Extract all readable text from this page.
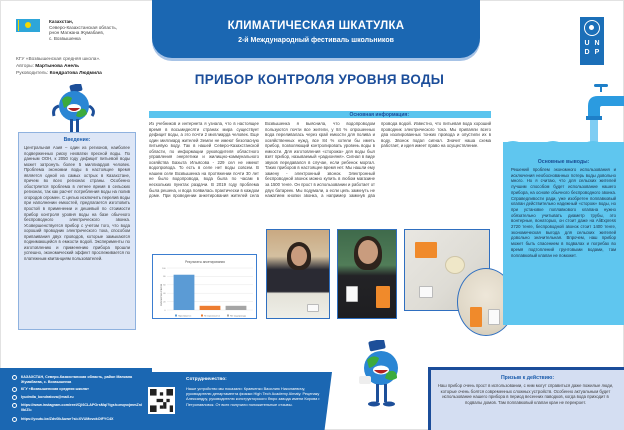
Казахстан,
Северо-Казахстанская область,
рнон Магжана Жумабаев,
с. Возвышенка
КГУ «Возвышенская средняя школа».
Авторы: Мартынова Анель
Руководитель: Кондратова Людмила
КЛИМАТИЧЕСКАЯ ШКАТУЛКА
2-й Международный фестиваль школьников
ПРИБОР КОНТРОЛЯ УРОВНЯ ВОДЫ
U N
D P
Введение:
Центральная Азия – один из регионов, наиболее подверженных риску нехватки пресной воды. По данным ООН, к 2050 году дефицит питьевой воды может затронуть более 5 миллиардов человек. Проблема экономии воды в настоящее время является одной из самых острых в Казахстане, причем во всех регионах страны. Особенно обостряется проблема в летнее время в сельских регионах, так как расчет потребления воды на полив огородов огромен. С целью исключить перелив воды при наполнении емкостей, предлагается изготовить простой в применении и дешевый по стоимости прибор контроля уровня воды на базе обычного беспроводного электрического звонка. Усовершенствуется прибор с учетом того, что вода хороший проводник электрического тока, способом припаивания двух проводов, которые замыкаются поднимающейся в емкости водой. Эксперименты по изготовлению и применению прибора прошли успешно, экономический эффект прослеживается по платежным квитанциям пользователей.
Основная информация:
Из учебников и интернета я узнала, что в настоящее время в восьмидесяти странах мира существует дефицит воды, а это почти 2 миллиарда человек. Еще один миллиард жителей Земли не имеют безопасную питьевую воду. Так в нашей Северо-Казахстанской области, по информации руководителя областного управления энергетики и жилищно-коммунального хозяйства Бахыта Ильясова - 229 сел не имеют водопровода. То есть в селе нет воды совсем. В нашем селе Возвышенка на протяжении почти 30 лет не было водопровода, вода была по часам в нескольких пунктах раздачи. В 2019 году проблема была решена, и вода появилась практически в каждом доме. При проведении анкетирования жителей села Возвышенка я выяснила, что водопроводом пользуются почти все жители, у 84 % опрошенных вода переливалась через край емкости для полива и хозяйственных нужд, все 84 % хотели бы иметь прибор, позволяющий контролировать уровень воды в емкости. Для изготовления «сторожа» для воды был взят прибор, называемый «радионяня». Сигнал в виде звуков передавался в случае, если ребенок моргал. Таких приборов в настоящее время нет. Мы нашли ему замену - электронный звонок. Электронный беспроводной звонок можно купить в любом магазине за 1500 тенге. Он прост в использовании и работает от двух батареек. Мы подумали, а если цепь замкнуть не нажатием кнопки звонка, а например замкнув два провода водой. Известно, что питьевая вода хороший проводник электрического тока. Мы припаяли всего два изолированных тонких провода и опустили их в воду. Звонок подал сигнал. Значит наша схема работает, и идея имеет право на осуществление.
Результаты анкетирования
Количество ответов
0
20
40
60
80
100
Переливается	Не переливается	Нет водопровода
Основные выводы:
Решений проблем экономного использования и исключения необоснованных потерь воды довольно много. Но я считаю, что для сельских жителей лучшим способом будет использование нашего прибора, на основе обычного беспроводного звонка. Справедливости ради, уже изобретен поплавковый клапан действительно надежный «сторож» воды, но при установке поплавкового клапана нужно обязательно учитывать диаметр трубы, это вонтерные, вонаторых, он стоит даже на AliExpress 2720 тенге, беспроводной звонок стоит 1400 тенге, экономическая выгода для сельских жителей довольно значительная. Впрочем, наш прибор может быть спасением в подвалах и погребах во время подтоплений грунтовыми водами, там поплавковый клапан не поможет.
КАЗАХСТАН, Северо-Казахстанская область, район Магжана Жумабаева, с. Возвышенка
КГУ «Возвышенская средняя школа»
lyudmila_kondratova@mail.ru
https://www.instagram.com/reel/Cjl6CLAPOrsMq/?igsh=mqnxjmmZnl0bIZI=
https://youtu.be/Zdv0lkAuwe?si=XVUMcvokOIFYC4X
Сотрудничество:
Наше устройство мы показали: Кравченко Василию Николаевичу, руководителю департамента физики High Tech Academy Almaty. Рецепаку Александру, руководителю конструкторского бюро завода имени Кирова г. Петропавловск. От всех получили положительные отзывы.
Призыв к действию:
Наш прибор очень прост в использовании, с ним могут справиться даже пожилые люди, которые очень боятся современных сложных устройств. Особенно актуальным будет использование нашего прибора в период весенних паводков, когда вода приходит в подвалы домов. Там поплавковый клапан кран не перекроет.
